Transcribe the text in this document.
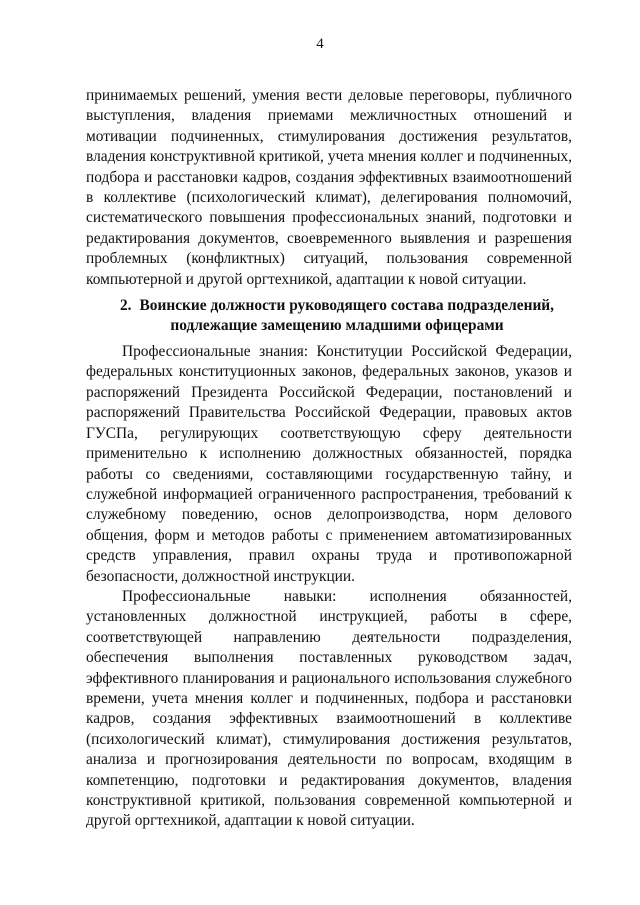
4

принимаемых решений, умения вести деловые переговоры, публичного выступления, владения приемами межличностных отношений и мотивации подчиненных, стимулирования достижения результатов, владения конструктивной критикой, учета мнения коллег и подчиненных, подбора и расстановки кадров, создания эффективных взаимоотношений в коллективе (психологический климат), делегирования полномочий, систематического повышения профессиональных знаний, подготовки и редактирования документов, своевременного выявления и разрешения проблемных (конфликтных) ситуаций, пользования современной компьютерной и другой оргтехникой, адаптации к новой ситуации.

2. Воинские должности руководящего состава подразделений, подлежащие замещению младшими офицерами

Профессиональные знания: Конституции Российской Федерации, федеральных конституционных законов, федеральных законов, указов и распоряжений Президента Российской Федерации, постановлений и распоряжений Правительства Российской Федерации, правовых актов ГУСПа, регулирующих соответствующую сферу деятельности применительно к исполнению должностных обязанностей, порядка работы со сведениями, составляющими государственную тайну, и служебной информацией ограниченного распространения, требований к служебному поведению, основ делопроизводства, норм делового общения, форм и методов работы с применением автоматизированных средств управления, правил охраны труда и противопожарной безопасности, должностной инструкции.

Профессиональные навыки: исполнения обязанностей, установленных должностной инструкцией, работы в сфере, соответствующей направлению деятельности подразделения, обеспечения выполнения поставленных руководством задач, эффективного планирования и рационального использования служебного времени, учета мнения коллег и подчиненных, подбора и расстановки кадров, создания эффективных взаимоотношений в коллективе (психологический климат), стимулирования достижения результатов, анализа и прогнозирования деятельности по вопросам, входящим в компетенцию, подготовки и редактирования документов, владения конструктивной критикой, пользования современной компьютерной и другой оргтехникой, адаптации к новой ситуации.
